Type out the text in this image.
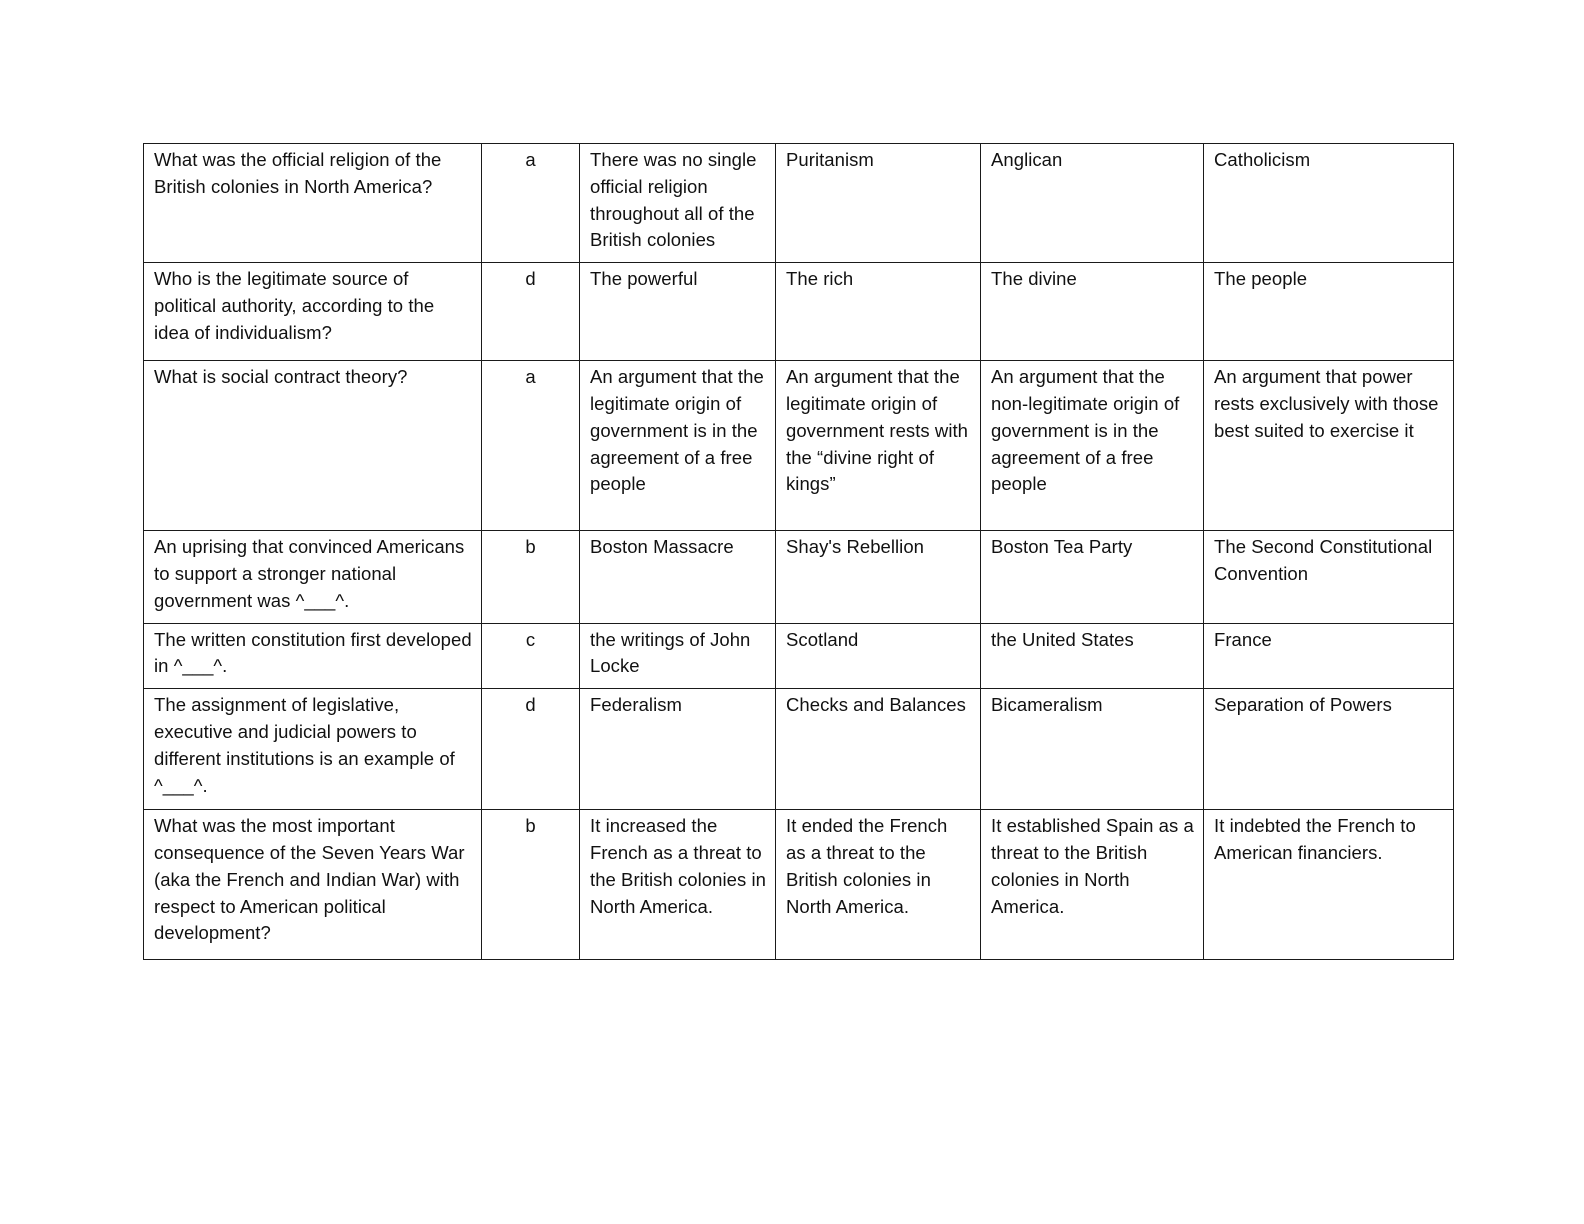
What was the official religion of the British colonies in North America?	a	There was no single official religion throughout all of the British colonies	Puritanism	Anglican	Catholicism
Who is the legitimate source of political authority, according to the idea of individualism?	d	The powerful	The rich	The divine	The people
What is social contract theory?	a	An argument that the legitimate origin of government is in the agreement of a free people	An argument that the legitimate origin of government rests with the “divine right of kings”	An argument that the non-legitimate origin of government is in the agreement of a free people	An argument that power rests exclusively with those best suited to exercise it
An uprising that convinced Americans to support a stronger national government was ^___^.	b	Boston Massacre	Shay's Rebellion	Boston Tea Party	The Second Constitutional Convention
The written constitution first developed in ^___^.	c	the writings of John Locke	Scotland	the United States	France
The assignment of legislative, executive and judicial powers to different institutions is an example of ^___^.	d	Federalism	Checks and Balances	Bicameralism	Separation of Powers
What was the most important consequence of the Seven Years War (aka the French and Indian War) with respect to American political development?	b	It increased the French as a threat to the British colonies in North America.	It ended the French as a threat to the British colonies in North America.	It established Spain as a threat to the British colonies in North America.	It indebted the French to American financiers.
